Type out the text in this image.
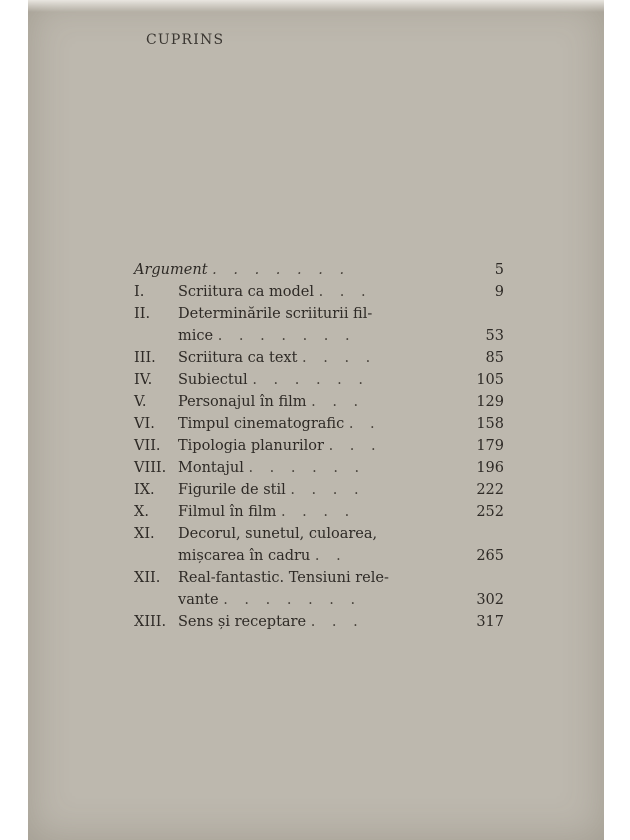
CUPRINS
Argument . . . . . . .	5
I. Scriitura ca model . . .	9
II. Determinările scriiturii fil-
mice . . . . . . .	53
III. Scriitura ca text . . . .	85
IV. Subiectul . . . . . .	105
V. Personajul în film . . .	129
VI. Timpul cinematografic . .	158
VII. Tipologia planurilor . . .	179
VIII. Montajul . . . . . .	196
IX. Figurile de stil . . . .	222
X. Filmul în film . . . .	252
XI. Decorul, sunetul, culoarea,
mișcarea în cadru . .	265
XII. Real-fantastic. Tensiuni rele-
vante . . . . . . .	302
XIII. Sens și receptare . . .	317
